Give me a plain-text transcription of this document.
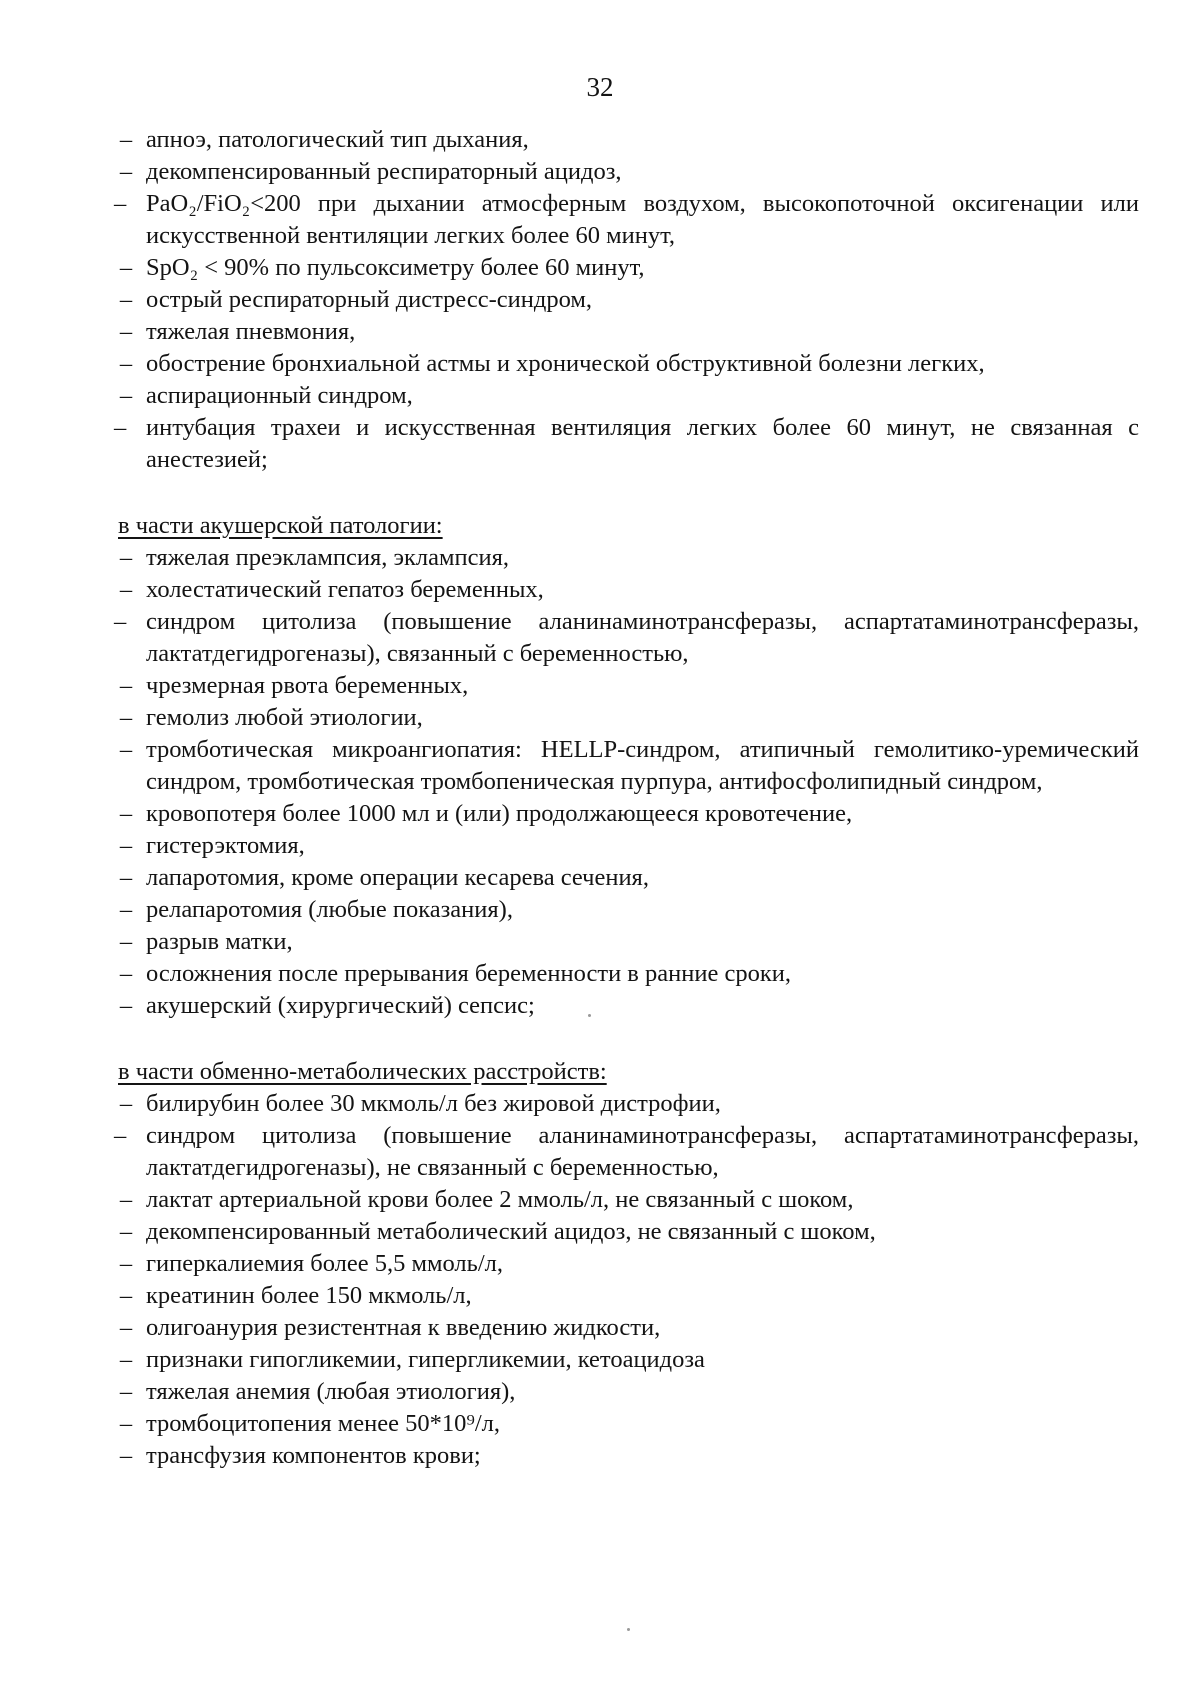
32
– апноэ, патологический тип дыхания,
– декомпенсированный респираторный ацидоз,
– PaO₂/FiO₂<200 при дыхании атмосферным воздухом, высокопоточной оксигенации или искусственной вентиляции легких более 60 минут,
– SpO₂ < 90% по пульсоксиметру более 60 минут,
– острый респираторный дистресс-синдром,
– тяжелая пневмония,
– обострение бронхиальной астмы и хронической обструктивной болезни легких,
– аспирационный синдром,
– интубация трахеи и искусственная вентиляция легких более 60 минут, не связанная с анестезией;

в части акушерской патологии:

– тяжелая преэклампсия, эклампсия,
– холестатический гепатоз беременных,
– синдром цитолиза (повышение аланинаминотрансферазы, аспартатаминотрансферазы, лактатдегидрогеназы), связанный с беременностью,
– чрезмерная рвота беременных,
– гемолиз любой этиологии,
– тромботическая микроангиопатия: HELLP-синдром, атипичный гемолитико-уремический синдром, тромботическая тромбопеническая пурпура, антифосфолипидный синдром,
– кровопотеря более 1000 мл и (или) продолжающееся кровотечение,
– гистерэктомия,
– лапаротомия, кроме операции кесарева сечения,
– релапаротомия (любые показания),
– разрыв матки,
– осложнения после прерывания беременности в ранние сроки,
– акушерский (хирургический) сепсис;

в части обменно-метаболических расстройств:

– билирубин более 30 мкмоль/л без жировой дистрофии,
– синдром цитолиза (повышение аланинаминотрансферазы, аспартатаминотрансферазы, лактатдегидрогеназы), не связанный с беременностью,
– лактат артериальной крови более 2 ммоль/л, не связанный с шоком,
– декомпенсированный метаболический ацидоз, не связанный с шоком,
– гиперкалиемия более 5,5 ммоль/л,
– креатинин более 150 мкмоль/л,
– олигоанурия резистентная к введению жидкости,
– признаки гипогликемии, гипергликемии, кетоацидоза
– тяжелая анемия (любая этиология),
– тромбоцитопения менее 50*10⁹/л,
– трансфузия компонентов крови;
